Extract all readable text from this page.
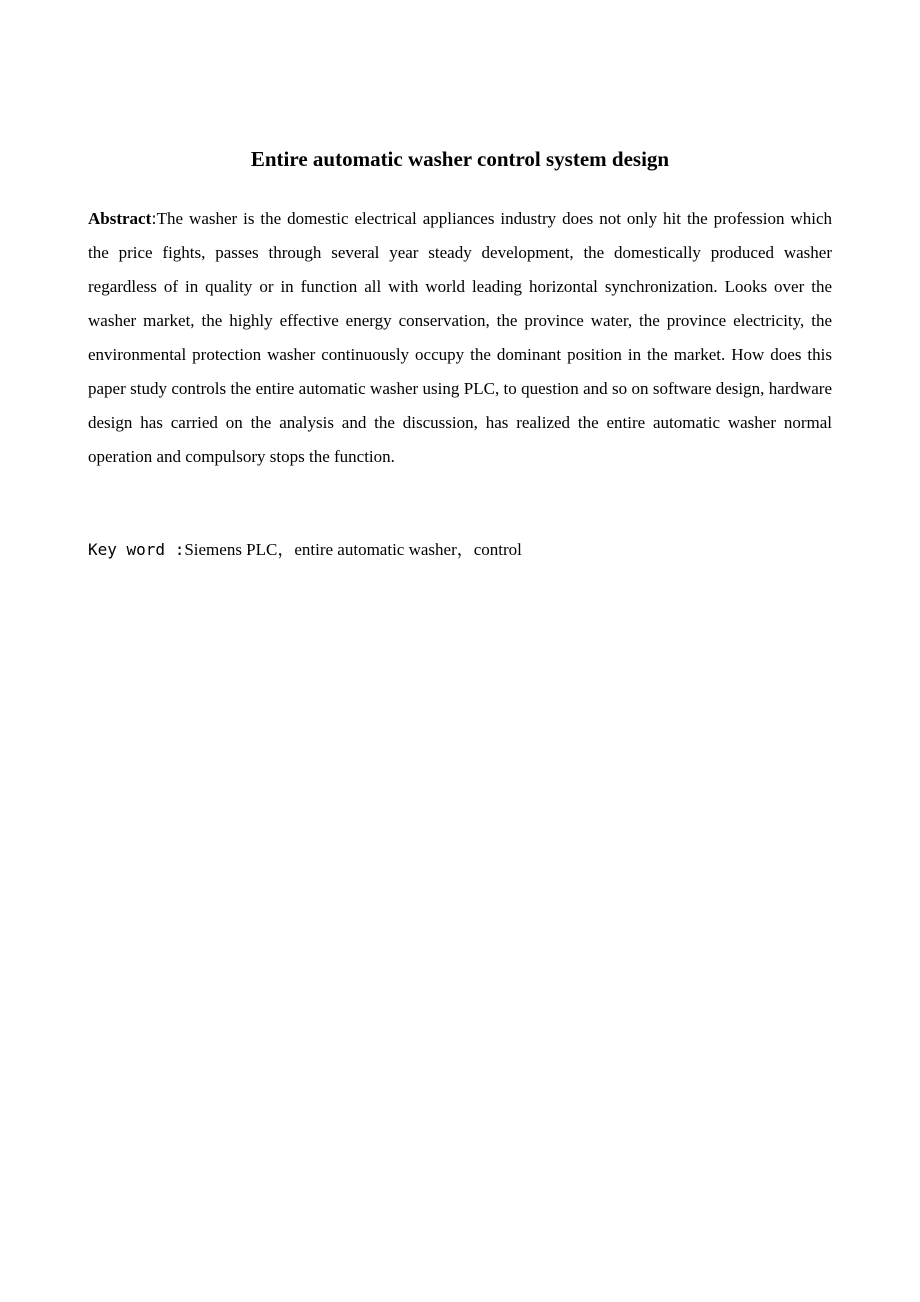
Entire automatic washer control system design

Abstract:The washer is the domestic electrical appliances industry does not only hit the profession which the price fights, passes through several year steady development, the domestically produced washer regardless of in quality or in function all with world leading horizontal synchronization. Looks over the washer market, the highly effective energy conservation, the province water, the province electricity, the environmental protection washer continuously occupy the dominant position in the market. How does this paper study controls the entire automatic washer using PLC, to question and so on software design, hardware design has carried on the analysis and the discussion, has realized the entire automatic washer normal operation and compulsory stops the function.

Key word :Siemens PLC，entire automatic washer，control
